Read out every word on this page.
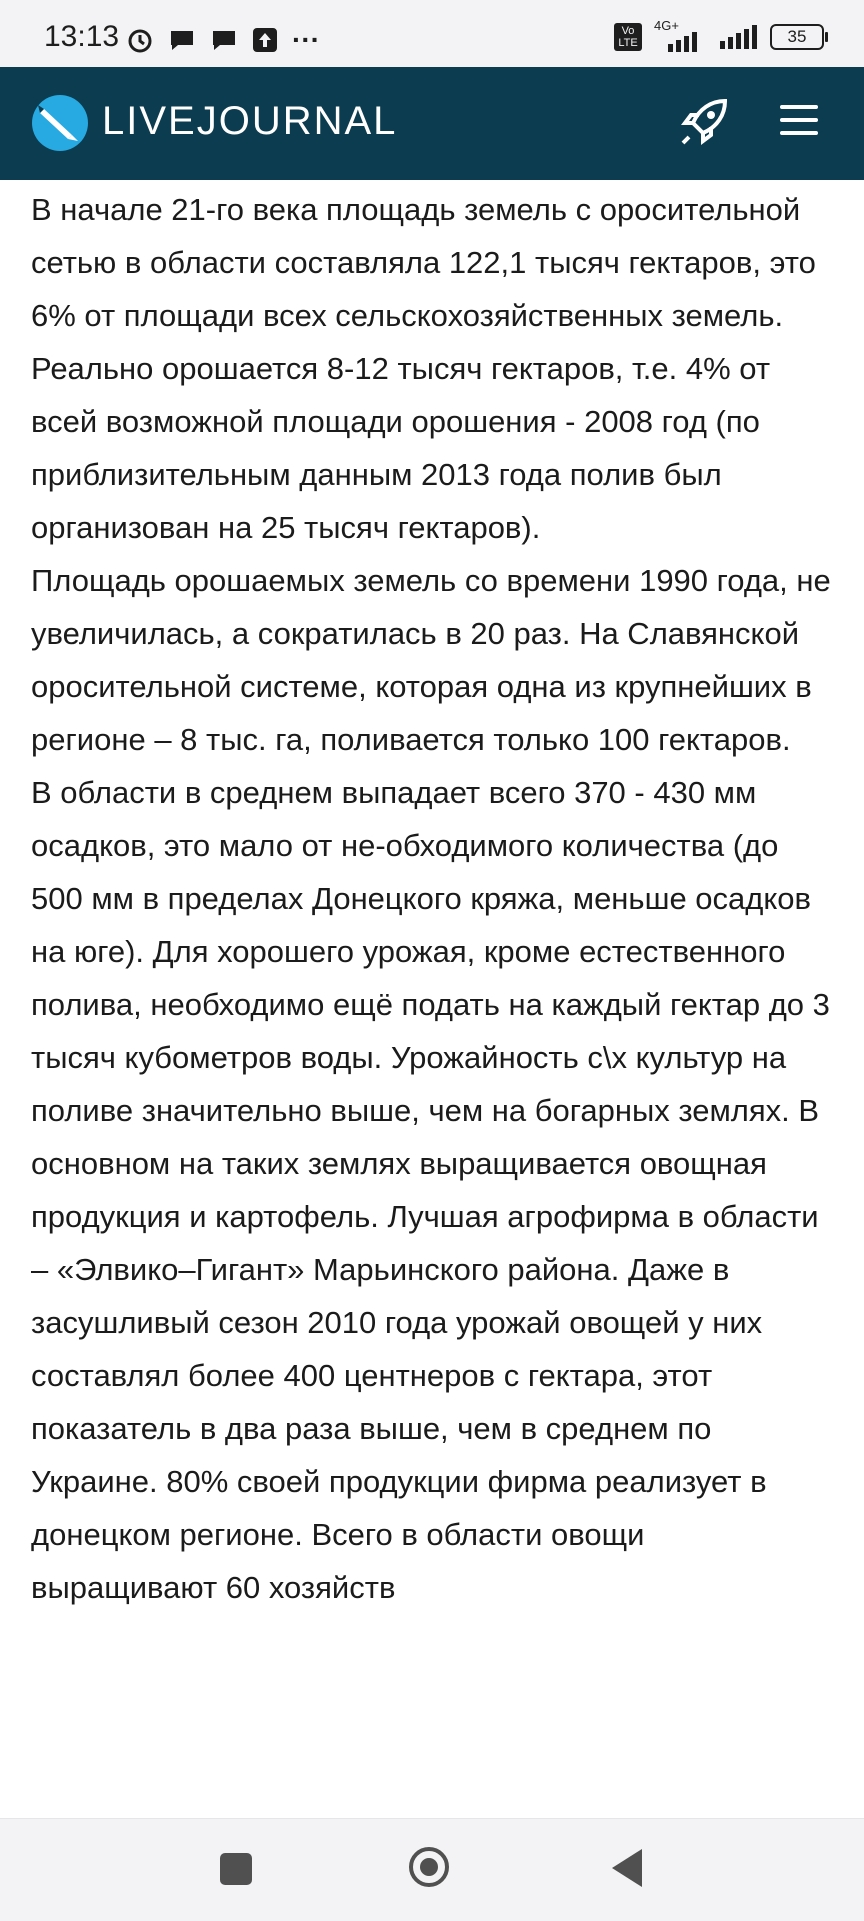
В начале 21-го века площадь земель с оросительной сетью в области составляла 122,1 тысяч гектаров, это 6% от площади всех сельскохозяйственных земель. Реально орошается 8-12 тысяч гектаров, т.е. 4% от всей возможной площади орошения - 2008 год (по приблизительным данным 2013 года полив был организован на 25 тысяч гектаров).

Площадь орошаемых земель со времени 1990 года, не увеличилась, а сократилась в 20 раз. На Славянской оросительной системе, которая одна из крупнейших в регионе – 8 тыс. га, поливается только 100 гектаров.

В области в среднем выпадает всего 370 - 430 мм осадков, это мало от не-обходимого количества (до 500 мм в пределах Донецкого кряжа, меньше осадков на юге). Для хорошего урожая, кроме естественного полива, необходимо ещё подать на каждый гектар до 3 тысяч кубометров воды. Урожайность с\х культур на поливе значительно выше, чем на богарных землях. В основном на таких землях выращивается овощная продукция и картофель. Лучшая агрофирма в области – «Элвико–Гигант» Марьинского района. Даже в засушливый сезон 2010 года урожай овощей у них составлял более 400 центнеров с гектара, этот показатель в два раза выше, чем в среднем по Украине. 80% своей продукции фирма реализует в донецком регионе. Всего в области овощи выращивают 60 хозяйств

13:13	···	Vo LTE
4G+
35
LIVEJOURNAL
